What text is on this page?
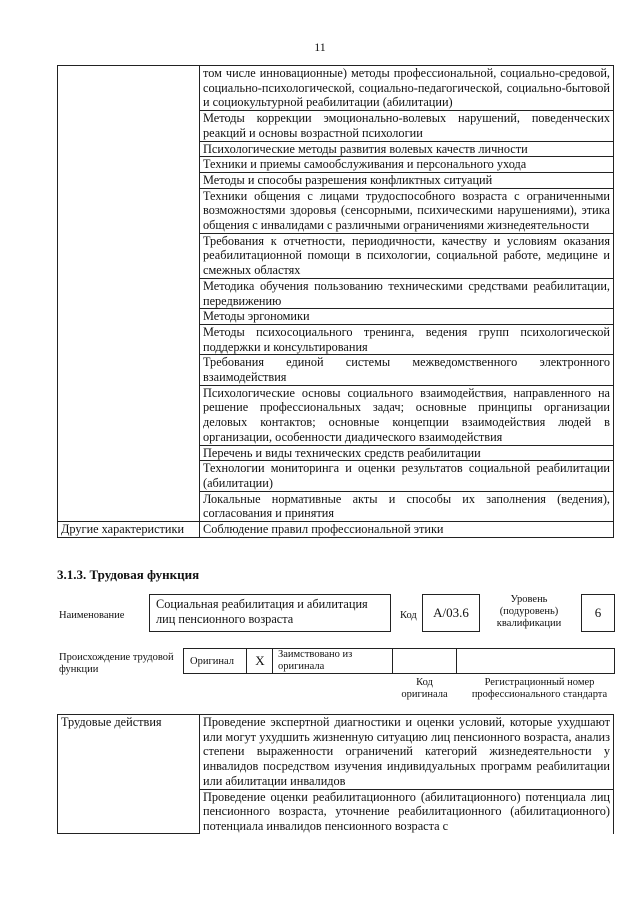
11
	том числе инновационные) методы профессиональной, социально-средовой, социально-психологической, социально-педагогической, социально-бытовой и социокультурной реабилитации (абилитации)
	Методы коррекции эмоционально-волевых нарушений, поведенческих реакций и основы возрастной психологии
	Психологические методы развития волевых качеств личности
	Техники и приемы самообслуживания и персонального ухода
	Методы и способы разрешения конфликтных ситуаций
	Техники общения с лицами трудоспособного возраста с ограниченными возможностями здоровья (сенсорными, психическими нарушениями), этика общения с инвалидами с различными ограничениями жизнедеятельности
	Требования к отчетности, периодичности, качеству и условиям оказания реабилитационной помощи в психологии, социальной работе, медицине и смежных областях
	Методика обучения пользованию техническими средствами реабилитации, передвижению
	Методы эргономики
	Методы психосоциального тренинга, ведения групп психологической поддержки и консультирования
	Требования единой системы межведомственного электронного взаимодействия
	Психологические основы социального взаимодействия, направленного на решение профессиональных задач; основные принципы организации деловых контактов; основные концепции взаимодействия людей в организации, особенности диадического взаимодействия
	Перечень и виды технических средств реабилитации
	Технологии мониторинга и оценки результатов социальной реабилитации (абилитации)
	Локальные нормативные акты и способы их заполнения (ведения), согласования и принятия
Другие характеристики	Соблюдение правил профессиональной этики
3.1.3. Трудовая функция
Наименование
Социальная реабилитация и абилитация лиц пенсионного возраста	Код	A/03.6
Уровень (подуровень) квалификации
6
Происхождение трудовой функции
Оригинал	X	Заимствовано из оригинала
Код оригинала
Регистрационный номер профессионального стандарта
Трудовые действия	Проведение экспертной диагностики и оценки условий, которые ухудшают или могут ухудшить жизненную ситуацию лиц пенсионного возраста, анализ степени выраженности ограничений категорий жизнедеятельности у инвалидов посредством изучения индивидуальных программ реабилитации или абилитации инвалидов
Проведение оценки реабилитационного (абилитационного) потенциала лиц пенсионного возраста, уточнение реабилитационного (абилитационного) потенциала инвалидов пенсионного возраста с
